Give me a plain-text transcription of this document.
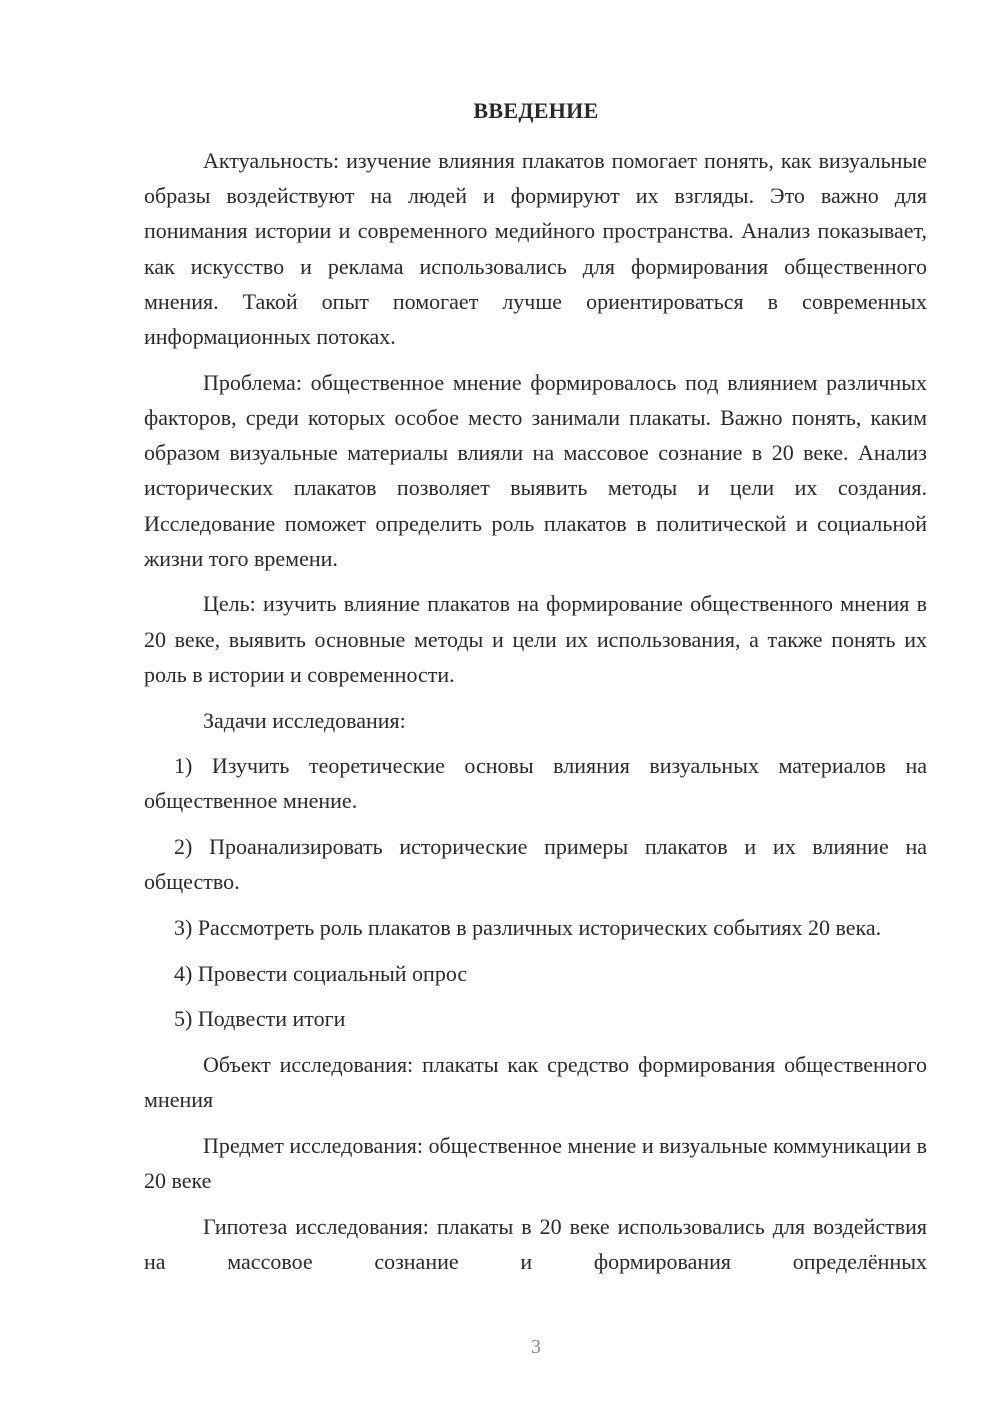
ВВЕДЕНИЕ

Актуальность: изучение влияния плакатов помогает понять, как визуальные образы воздействуют на людей и формируют их взгляды. Это важно для понимания истории и современного медийного пространства. Анализ показывает, как искусство и реклама использовались для формирования общественного мнения. Такой опыт помогает лучше ориентироваться в современных информационных потоках.

Проблема: общественное мнение формировалось под влиянием различных факторов, среди которых особое место занимали плакаты. Важно понять, каким образом визуальные материалы влияли на массовое сознание в 20 веке. Анализ исторических плакатов позволяет выявить методы и цели их создания. Исследование поможет определить роль плакатов в политической и социальной жизни того времени.

Цель: изучить влияние плакатов на формирование общественного мнения в 20 веке, выявить основные методы и цели их использования, а также понять их роль в истории и современности.

Задачи исследования:

1) Изучить теоретические основы влияния визуальных материалов на общественное мнение.

2) Проанализировать исторические примеры плакатов и их влияние на общество.

3) Рассмотреть роль плакатов в различных исторических событиях 20 века.

4) Провести социальный опрос

5) Подвести итоги

Объект исследования: плакаты как средство формирования общественного мнения

Предмет исследования: общественное мнение и визуальные коммуникации в 20 веке

Гипотеза исследования: плакаты в 20 веке использовались для воздействия на массовое сознание и формирования определённых

3
